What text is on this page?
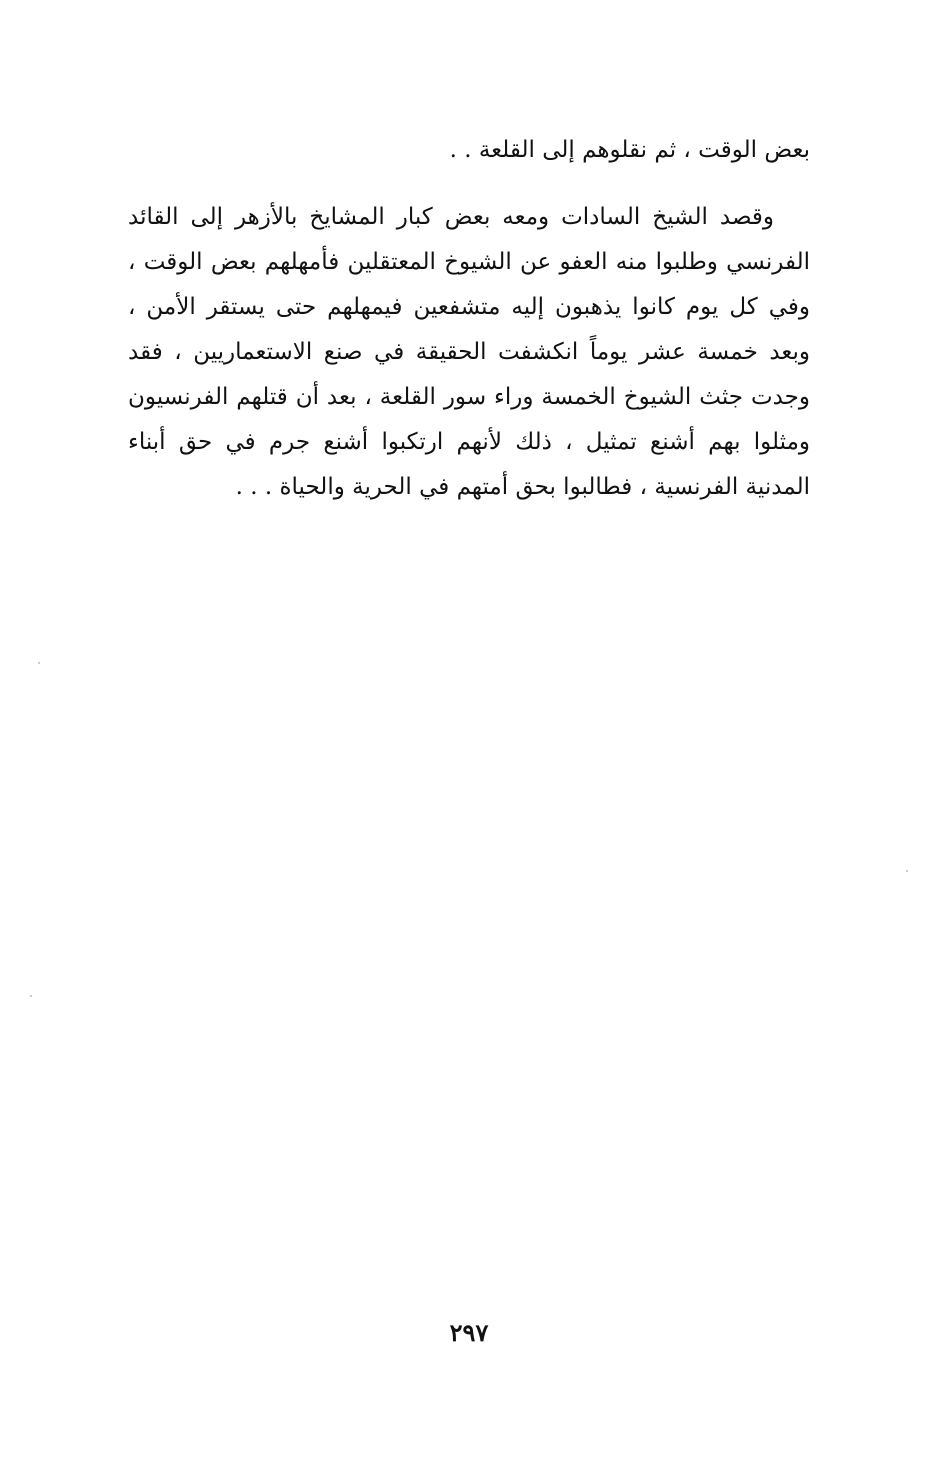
بعض الوقت ، ثم نقلوهم إلى القلعة . .

وقصد الشيخ السادات ومعه بعض كبار المشايخ بالأزهر إلى القائد الفرنسي وطلبوا منه العفو عن الشيوخ المعتقلين فأمهلهم بعض الوقت ، وفي كل يوم كانوا يذهبون إليه متشفعين فيمهلهم حتى يستقر الأمن ، وبعد خمسة عشر يوماً انكشفت الحقيقة في صنع الاستعماريين ، فقد وجدت جثث الشيوخ الخمسة وراء سور القلعة ، بعد أن قتلهم الفرنسيون ومثلوا بهم أشنع تمثيل ، ذلك لأنهم ارتكبوا أشنع جرم في حق أبناء المدنية الفرنسية ، فطالبوا بحق أمتهم في الحرية والحياة . . .

٢٩٧
